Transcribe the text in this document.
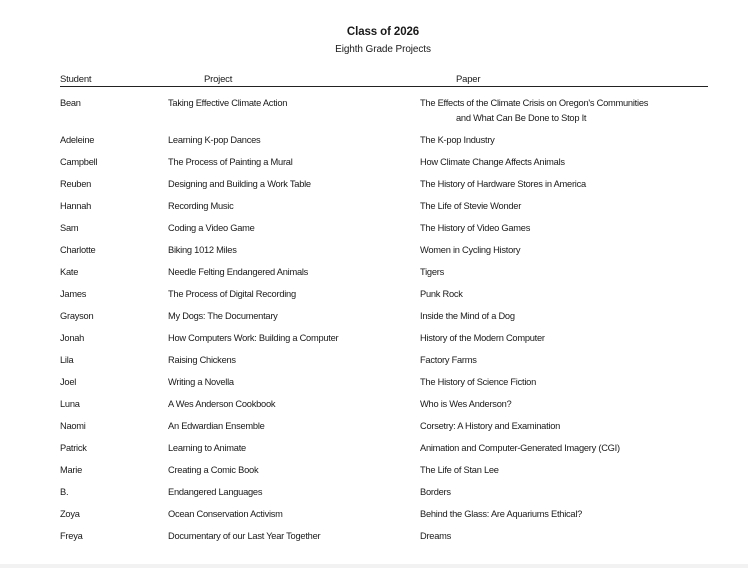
Class of 2026
Eighth Grade Projects
Student	Project	Paper
Bean	Taking Effective Climate Action	The Effects of the Climate Crisis on Oregon's Communities
and What Can Be Done to Stop It
Adeleine	Learning K-pop Dances	The K-pop Industry
Campbell	The Process of Painting a Mural	How Climate Change Affects Animals
Reuben	Designing and Building a Work Table	The History of Hardware Stores in America
Hannah	Recording Music	The Life of Stevie Wonder
Sam	Coding a Video Game	The History of Video Games
Charlotte	Biking 1012 Miles	Women in Cycling History
Kate	Needle Felting Endangered Animals	Tigers
James	The Process of Digital Recording	Punk Rock
Grayson	My Dogs: The Documentary	Inside the Mind of a Dog
Jonah	How Computers Work: Building a Computer	History of the Modern Computer
Lila	Raising Chickens	Factory Farms
Joel	Writing a Novella	The History of Science Fiction
Luna	A Wes Anderson Cookbook	Who is Wes Anderson?
Naomi	An Edwardian Ensemble	Corsetry: A History and Examination
Patrick	Learning to Animate	Animation and Computer-Generated Imagery (CGI)
Marie	Creating a Comic Book	The Life of Stan Lee
B.	Endangered Languages	Borders
Zoya	Ocean Conservation Activism	Behind the Glass: Are Aquariums Ethical?
Freya	Documentary of our Last Year Together	Dreams
